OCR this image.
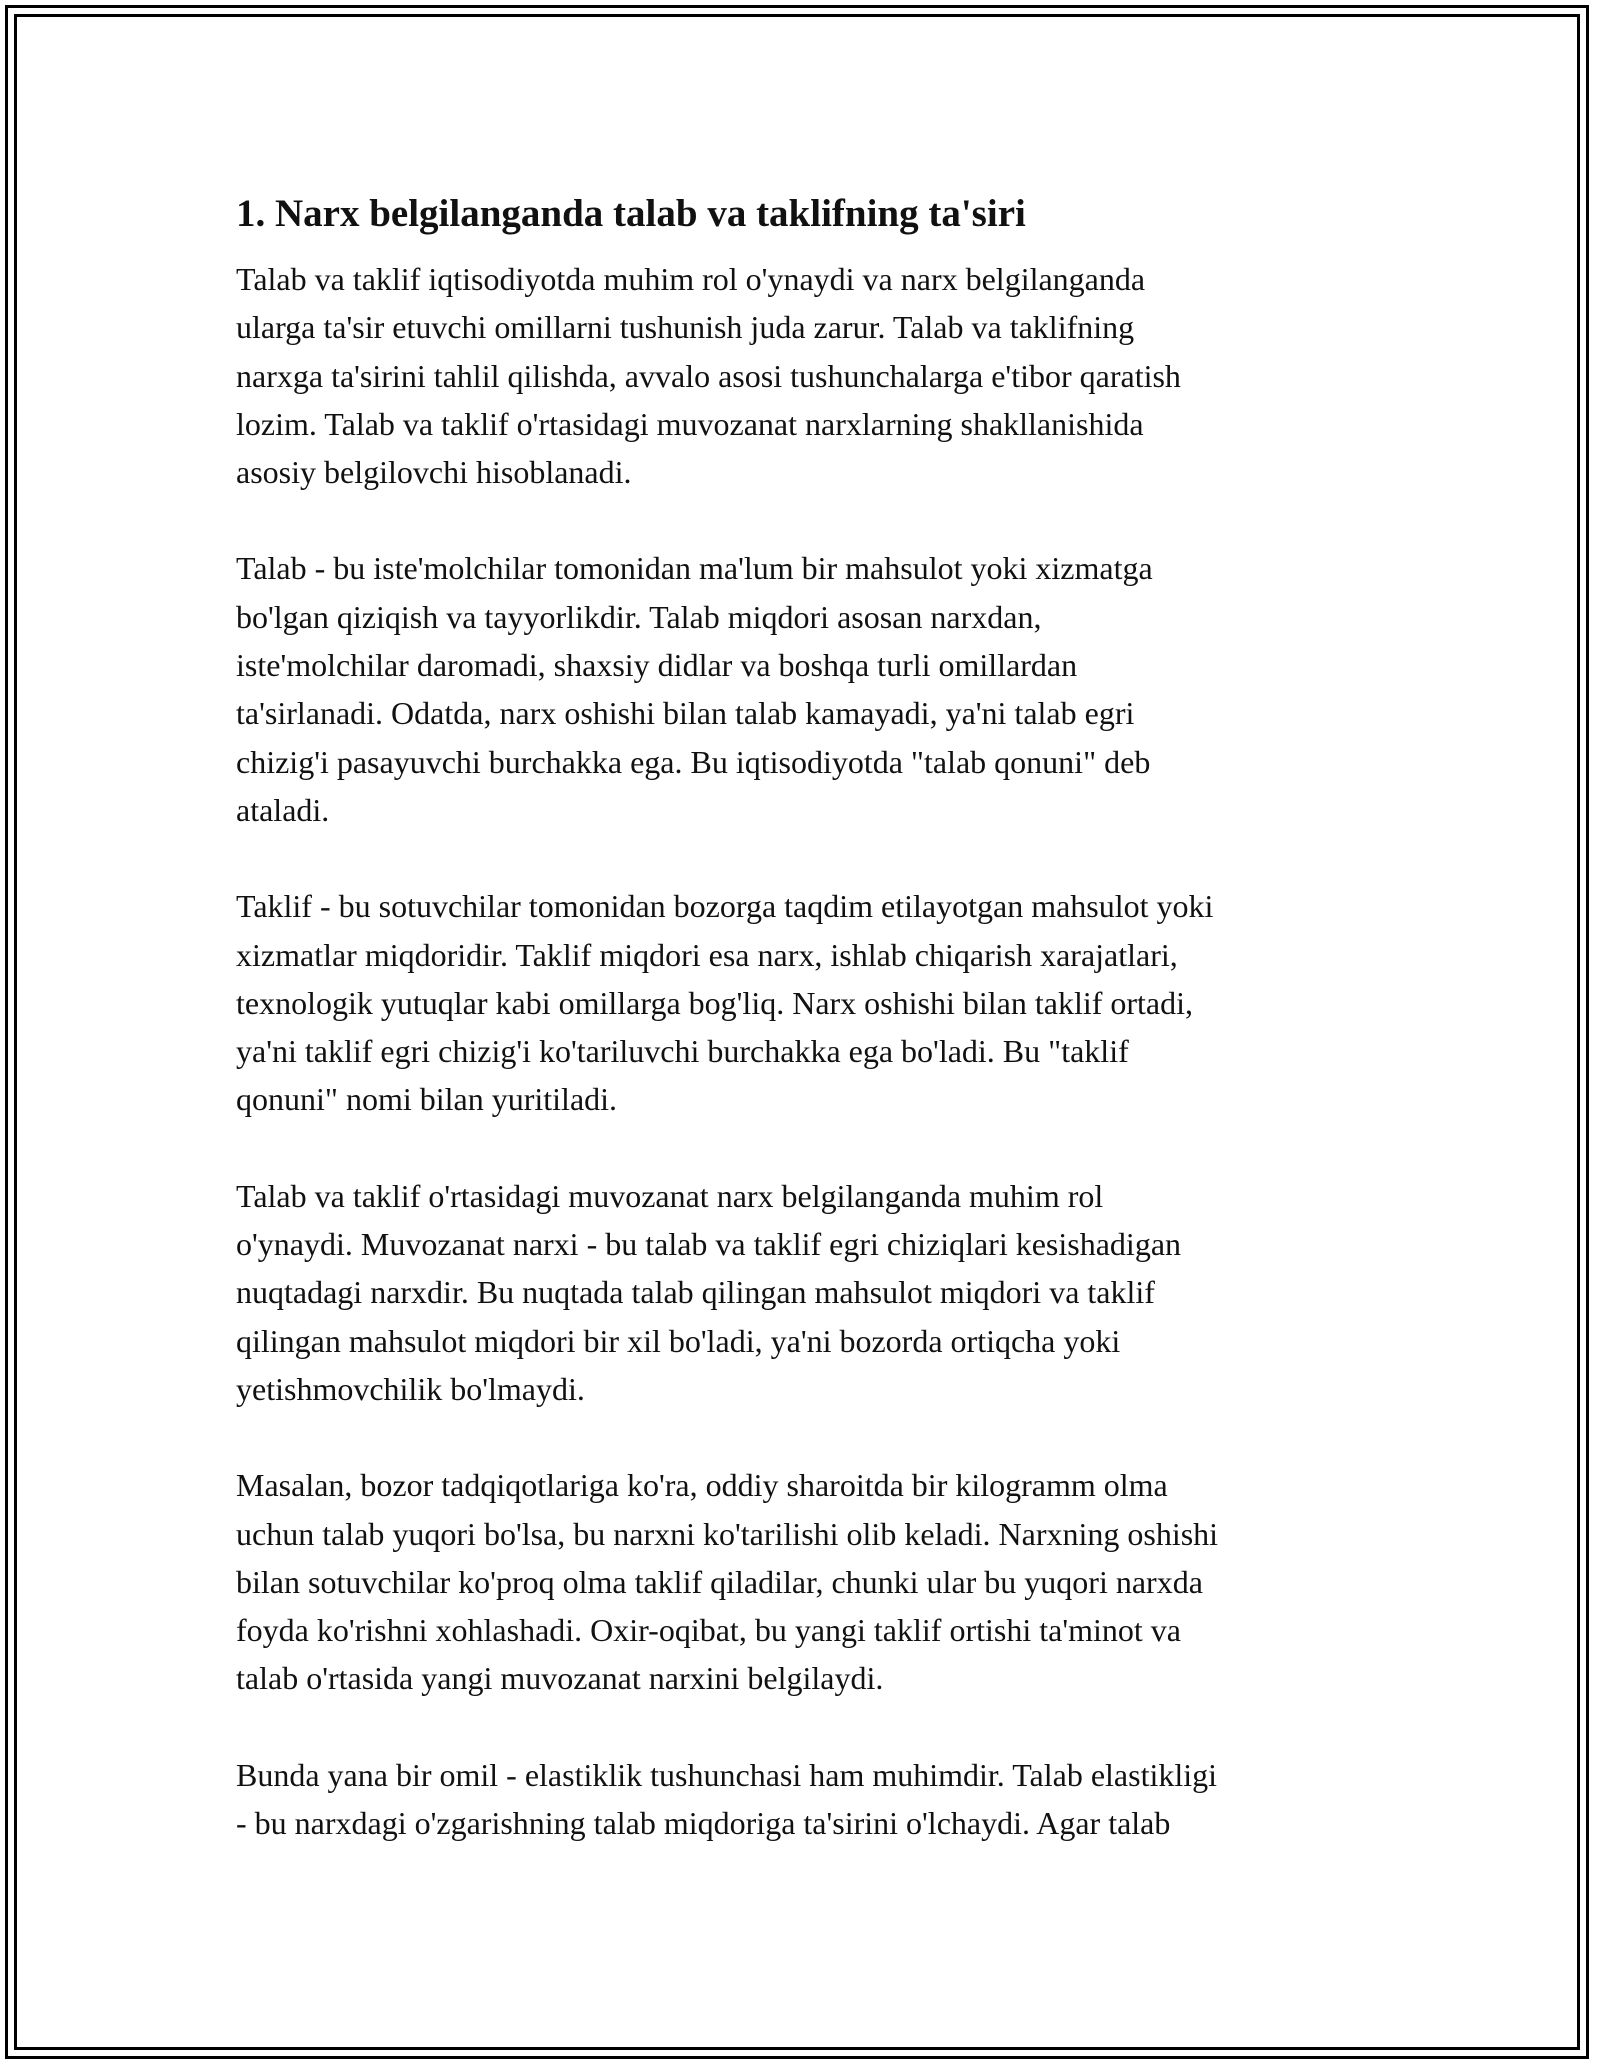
1. Narx belgilanganda talab va taklifning ta'siri
Talab va taklif iqtisodiyotda muhim rol o'ynaydi va narx belgilanganda
ularga ta'sir etuvchi omillarni tushunish juda zarur. Talab va taklifning
narxga ta'sirini tahlil qilishda, avvalo asosi tushunchalarga e'tibor qaratish
lozim. Talab va taklif o'rtasidagi muvozanat narxlarning shakllanishida
asosiy belgilovchi hisoblanadi.
Talab - bu iste'molchilar tomonidan ma'lum bir mahsulot yoki xizmatga
bo'lgan qiziqish va tayyorlikdir. Talab miqdori asosan narxdan,
iste'molchilar daromadi, shaxsiy didlar va boshqa turli omillardan
ta'sirlanadi. Odatda, narx oshishi bilan talab kamayadi, ya'ni talab egri
chizig'i pasayuvchi burchakka ega. Bu iqtisodiyotda "talab qonuni" deb
ataladi.
Taklif - bu sotuvchilar tomonidan bozorga taqdim etilayotgan mahsulot yoki
xizmatlar miqdoridir. Taklif miqdori esa narx, ishlab chiqarish xarajatlari,
texnologik yutuqlar kabi omillarga bog'liq. Narx oshishi bilan taklif ortadi,
ya'ni taklif egri chizig'i ko'tariluvchi burchakka ega bo'ladi. Bu "taklif
qonuni" nomi bilan yuritiladi.
Talab va taklif o'rtasidagi muvozanat narx belgilanganda muhim rol
o'ynaydi. Muvozanat narxi - bu talab va taklif egri chiziqlari kesishadigan
nuqtadagi narxdir. Bu nuqtada talab qilingan mahsulot miqdori va taklif
qilingan mahsulot miqdori bir xil bo'ladi, ya'ni bozorda ortiqcha yoki
yetishmovchilik bo'lmaydi.
Masalan, bozor tadqiqotlariga ko'ra, oddiy sharoitda bir kilogramm olma
uchun talab yuqori bo'lsa, bu narxni ko'tarilishi olib keladi. Narxning oshishi
bilan sotuvchilar ko'proq olma taklif qiladilar, chunki ular bu yuqori narxda
foyda ko'rishni xohlashadi. Oxir-oqibat, bu yangi taklif ortishi ta'minot va
talab o'rtasida yangi muvozanat narxini belgilaydi.
Bunda yana bir omil - elastiklik tushunchasi ham muhimdir. Talab elastikligi
- bu narxdagi o'zgarishning talab miqdoriga ta'sirini o'lchaydi. Agar talab
